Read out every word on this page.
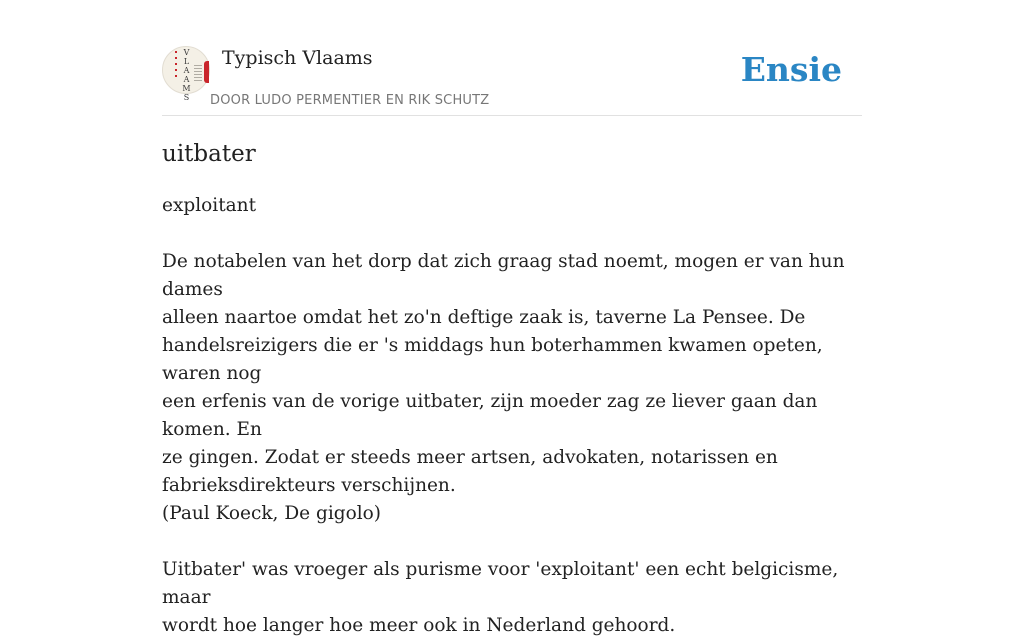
V
L
A
A
M
S
Typisch Vlaams
DOOR LUDO PERMENTIER EN RIK SCHUTZ
Ensie
uitbater

exploitant

De notabelen van het dorp dat zich graag stad noemt, mogen er van hun dames

alleen naartoe omdat het zo'n deftige zaak is, taverne La Pensee. De

handelsreizigers die er 's middags hun boterhammen kwamen opeten, waren nog

een erfenis van de vorige uitbater, zijn moeder zag ze liever gaan dan komen. En

ze gingen. Zodat er steeds meer artsen, advokaten, notarissen en

fabrieksdirekteurs verschijnen.

(Paul Koeck, De gigolo)

Uitbater' was vroeger als purisme voor 'exploitant' een echt belgicisme, maar

wordt hoe langer hoe meer ook in Nederland gehoord.
